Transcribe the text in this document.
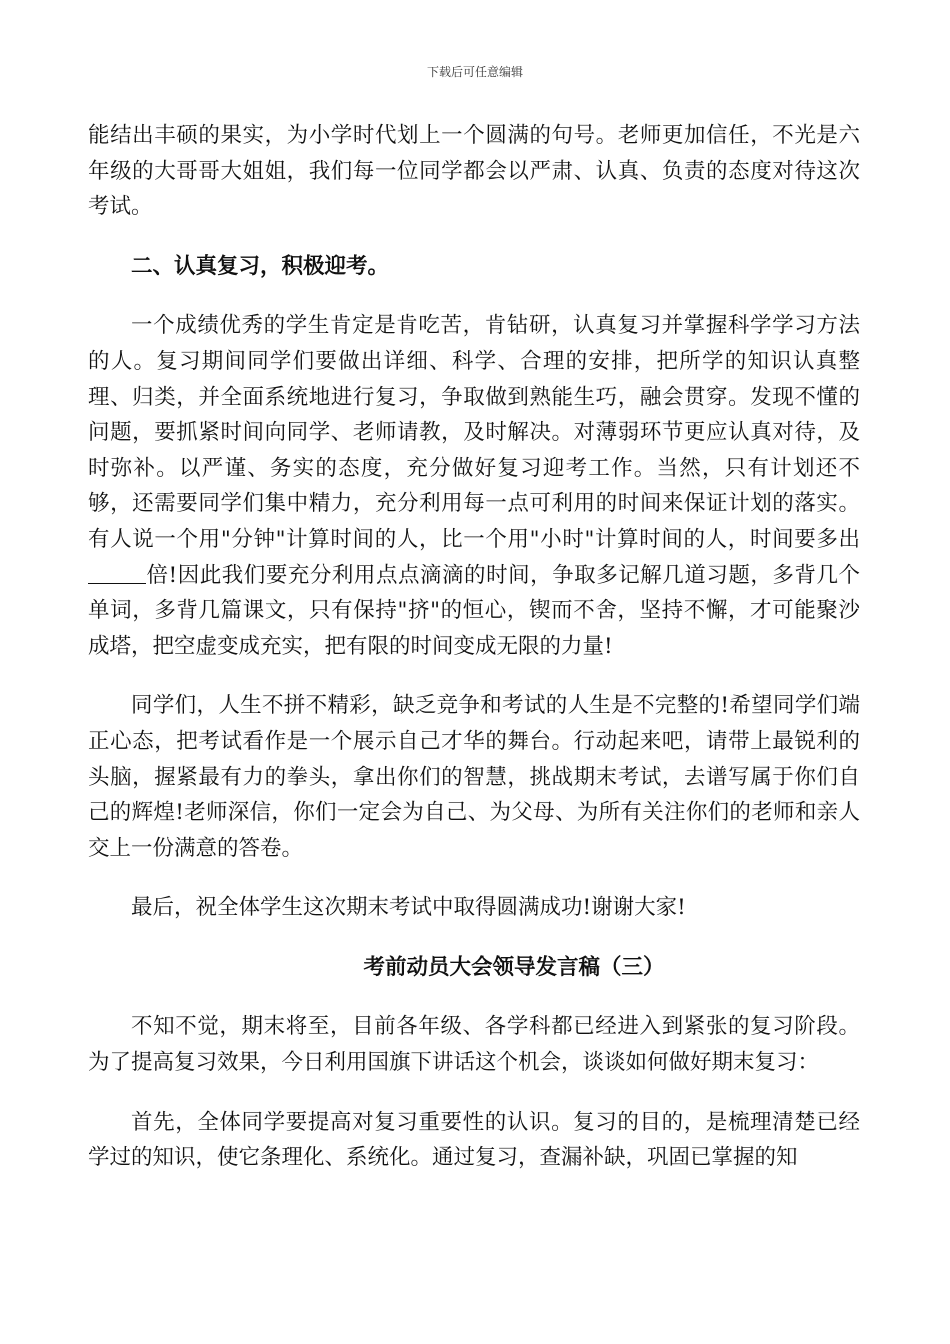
下载后可任意编辑

能结出丰硕的果实，为小学时代划上一个圆满的句号。老师更加信任，不光是六年级的大哥哥大姐姐，我们每一位同学都会以严肃、认真、负责的态度对待这次考试。

二、认真复习，积极迎考。

一个成绩优秀的学生肯定是肯吃苦，肯钻研，认真复习并掌握科学学习方法的人。复习期间同学们要做出详细、科学、合理的安排，把所学的知识认真整理、归类，并全面系统地进行复习，争取做到熟能生巧，融会贯穿。发现不懂的问题，要抓紧时间向同学、老师请教，及时解决。对薄弱环节更应认真对待，及时弥补。以严谨、务实的态度，充分做好复习迎考工作。当然，只有计划还不够，还需要同学们集中精力，充分利用每一点可利用的时间来保证计划的落实。有人说一个用"分钟"计算时间的人，比一个用"小时"计算时间的人，时间要多出倍!因此我们要充分利用点点滴滴的时间，争取多记解几道习题，多背几个单词，多背几篇课文，只有保持"挤"的恒心，锲而不舍，坚持不懈，才可能聚沙成塔，把空虚变成充实，把有限的时间变成无限的力量!

同学们，人生不拼不精彩，缺乏竞争和考试的人生是不完整的!希望同学们端正心态，把考试看作是一个展示自己才华的舞台。行动起来吧，请带上最锐利的头脑，握紧最有力的拳头，拿出你们的智慧，挑战期末考试，去谱写属于你们自己的辉煌!老师深信，你们一定会为自己、为父母、为所有关注你们的老师和亲人交上一份满意的答卷。

最后，祝全体学生这次期末考试中取得圆满成功!谢谢大家!

考前动员大会领导发言稿（三）

不知不觉，期末将至，目前各年级、各学科都已经进入到紧张的复习阶段。为了提高复习效果，今日利用国旗下讲话这个机会，谈谈如何做好期末复习：

首先，全体同学要提高对复习重要性的认识。复习的目的，是梳理清楚已经学过的知识，使它条理化、系统化。通过复习，查漏补缺，巩固已掌握的知
